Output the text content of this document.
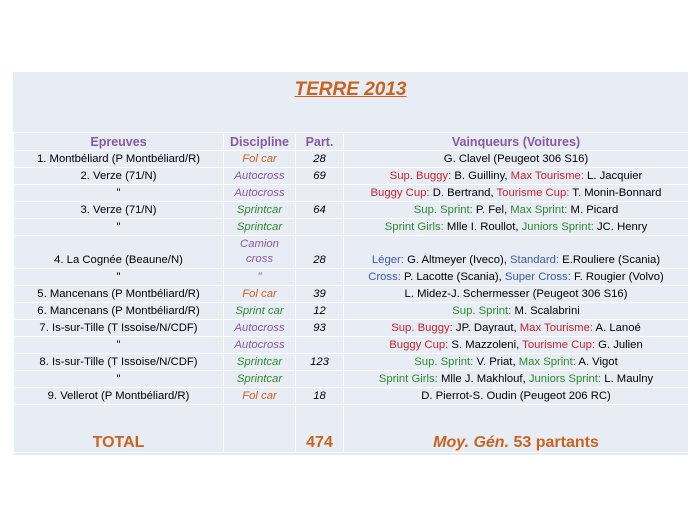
TERRE 2013
Epreuves	Discipline	Part.	Vainqueurs (Voitures)
1. Montbéliard (P Montbéliard/R)	Fol car	28	G. Clavel (Peugeot 306 S16)
2. Verze (71/N)	Autocross	69	Sup. Buggy: B. Guilliny, Max Tourisme: L. Jacquier
"	Autocross		Buggy Cup: D. Bertrand, Tourisme Cup: T. Monin-Bonnard
3. Verze (71/N)	Sprintcar	64	Sup. Sprint: P. Fel, Max Sprint: M. Picard
"	Sprintcar		Sprint Girls: Mlle I. Roullot, Juniors Sprint: JC. Henry
4. La Cognée (Beaune/N)	Camion cross	28	Léger: G. Altmeyer (Iveco), Standard: E.Rouliere (Scania)
"	"		Cross: P. Lacotte (Scania), Super Cross: F. Rougier (Volvo)
5. Mancenans (P Montbéliard/R)	Fol car	39	L. Midez-J. Schermesser (Peugeot 306 S16)
6. Mancenans (P Montbéliard/R)	Sprint car	12	Sup. Sprint: M. Scalabrini
7. Is-sur-Tille (T Issoise/N/CDF)	Autocross	93	Sup. Buggy: JP. Dayraut, Max Tourisme: A. Lanoé
"	Autocross		Buggy Cup: S. Mazzoleni, Tourisme Cup: G. Julien
8. Is-sur-Tille (T Issoise/N/CDF)	Sprintcar	123	Sup. Sprint: V. Priat, Max Sprint: A. Vigot
"	Sprintcar		Sprint Girls: Mlle J. Makhlouf, Juniors Sprint: L. Maulny
9. Vellerot (P Montbéliard/R)	Fol car	18	D. Pierrot-S. Oudin (Peugeot 206 RC)
TOTAL		474	Moy. Gén. 53 partants
